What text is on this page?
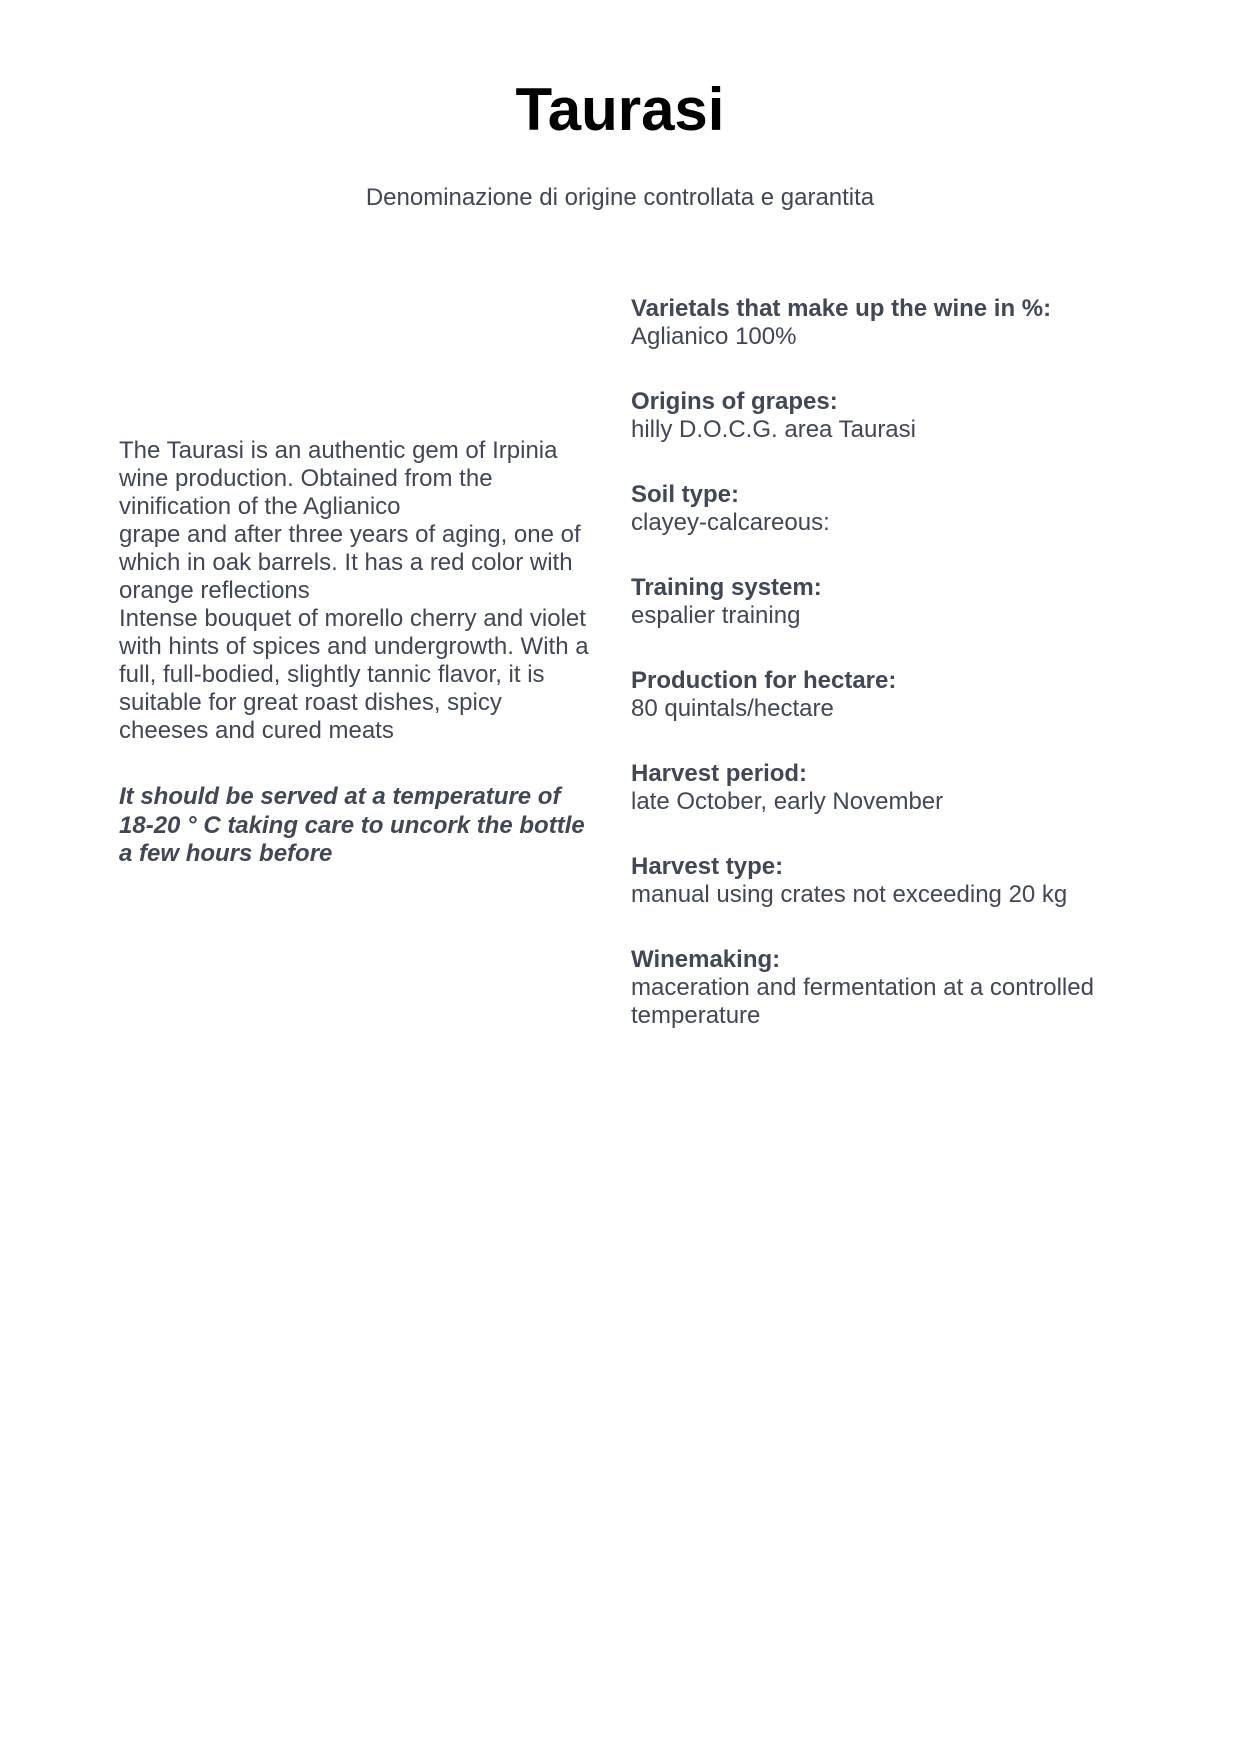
Taurasi

Denominazione di origine controllata e garantita

The Taurasi is an authentic gem of Irpinia wine production. Obtained from the vinification of the Aglianico
grape and after three years of aging, one of which in oak barrels. It has a red color with orange reflections
Intense bouquet of morello cherry and violet with hints of spices and undergrowth. With a full, full-bodied, slightly tannic flavor, it is suitable for great roast dishes, spicy cheeses and cured meats

It should be served at a temperature of 18-20 ° C taking care to uncork the bottle a few hours before

Varietals that make up the wine in %:
Aglianico 100%
Origins of grapes:
hilly D.O.C.G. area Taurasi
Soil type:
clayey-calcareous:
Training system:
espalier training
Production for hectare:
80 quintals/hectare
Harvest period:
late October, early November
Harvest type:
manual using crates not exceeding 20 kg
Winemaking:
maceration and fermentation at a controlled temperature
